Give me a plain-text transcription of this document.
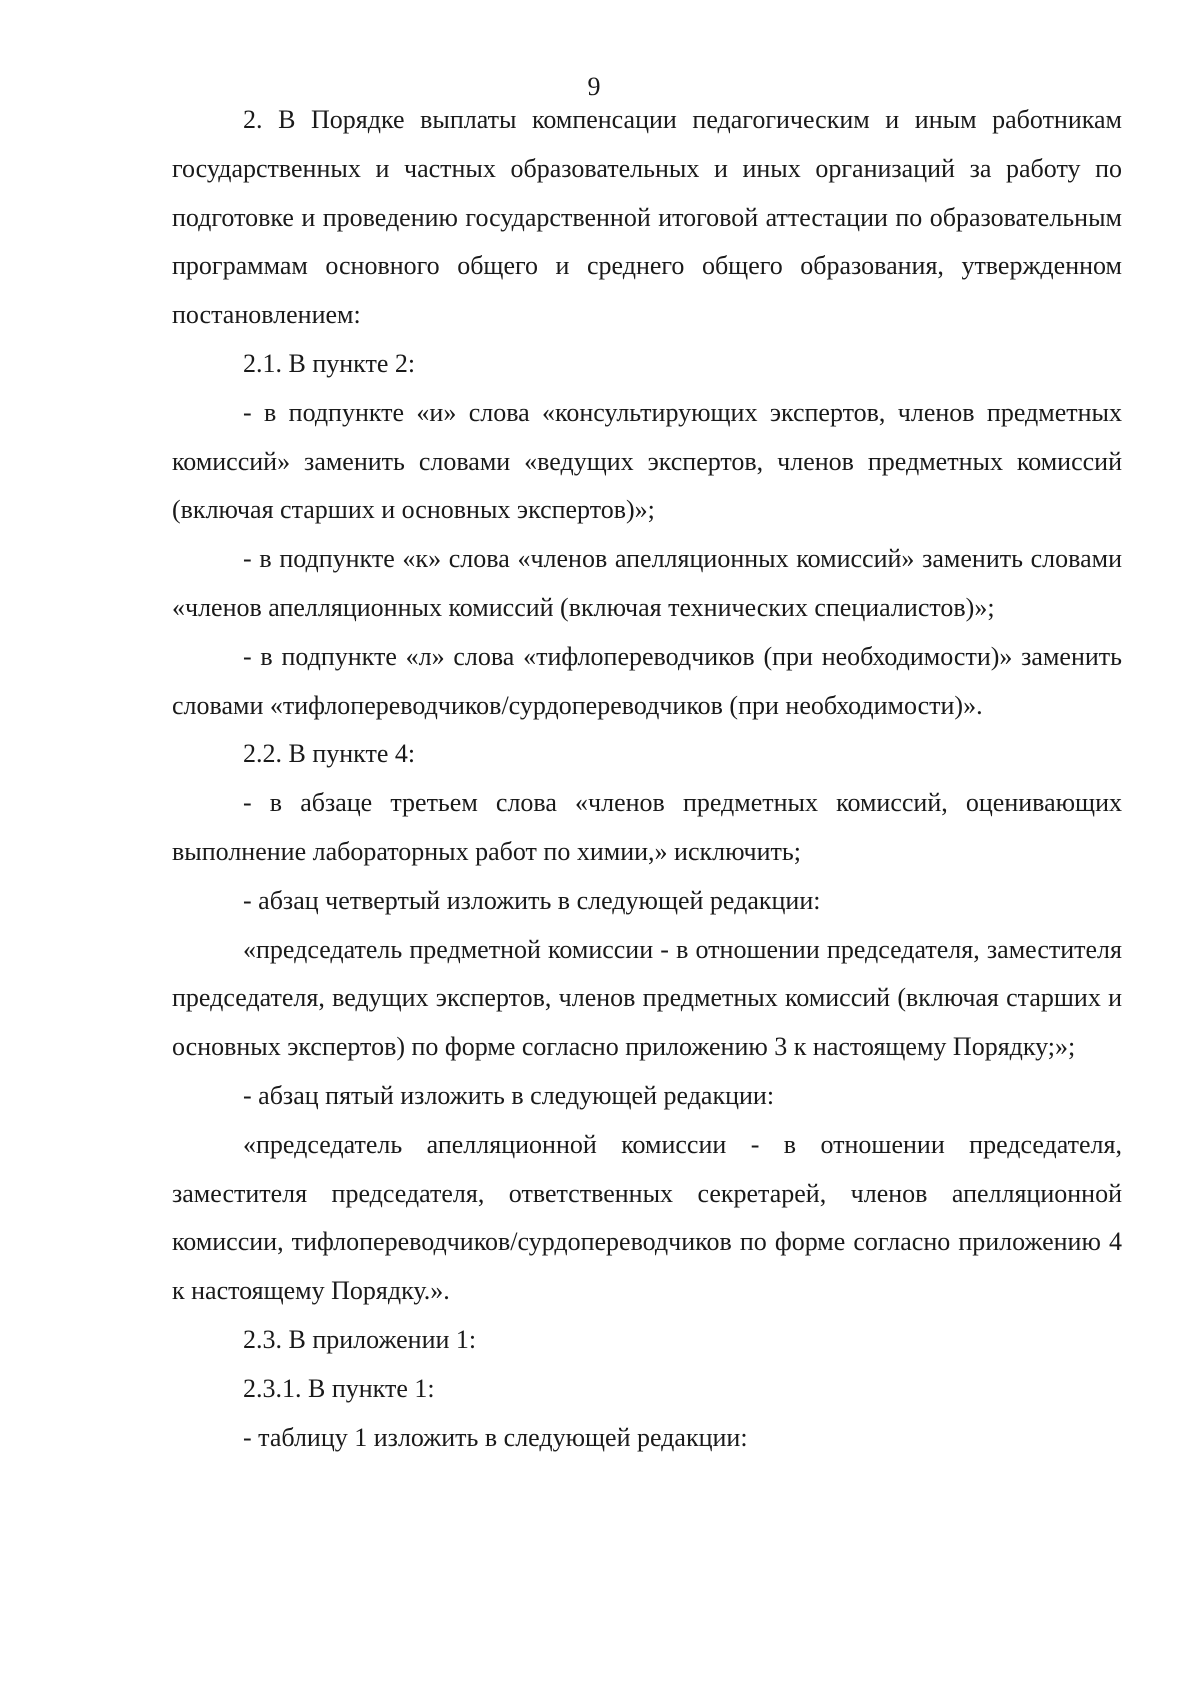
9

2. В Порядке выплаты компенсации педагогическим и иным работникам государственных и частных образовательных и иных организаций за работу по подготовке и проведению государственной итоговой аттестации по образовательным программам основного общего и среднего общего образования, утвержденном постановлением:

2.1. В пункте 2:

- в подпункте «и» слова «консультирующих экспертов, членов предметных комиссий» заменить словами «ведущих экспертов, членов предметных комиссий (включая старших и основных экспертов)»;

- в подпункте «к» слова «членов апелляционных комиссий» заменить словами «членов апелляционных комиссий (включая технических специалистов)»;

- в подпункте «л» слова «тифлопереводчиков (при необходимости)» заменить словами «тифлопереводчиков/сурдопереводчиков (при необходимости)».

2.2. В пункте 4:

- в абзаце третьем слова «членов предметных комиссий, оценивающих выполнение лабораторных работ по химии,» исключить;

- абзац четвертый изложить в следующей редакции:

«председатель предметной комиссии - в отношении председателя, заместителя председателя, ведущих экспертов, членов предметных комиссий (включая старших и основных экспертов) по форме согласно приложению 3 к настоящему Порядку;»;

- абзац пятый изложить в следующей редакции:

«председатель апелляционной комиссии - в отношении председателя, заместителя председателя, ответственных секретарей, членов апелляционной комиссии, тифлопереводчиков/сурдопереводчиков по форме согласно приложению 4 к настоящему Порядку.».

2.3. В приложении 1:

2.3.1. В пункте 1:

- таблицу 1 изложить в следующей редакции:
